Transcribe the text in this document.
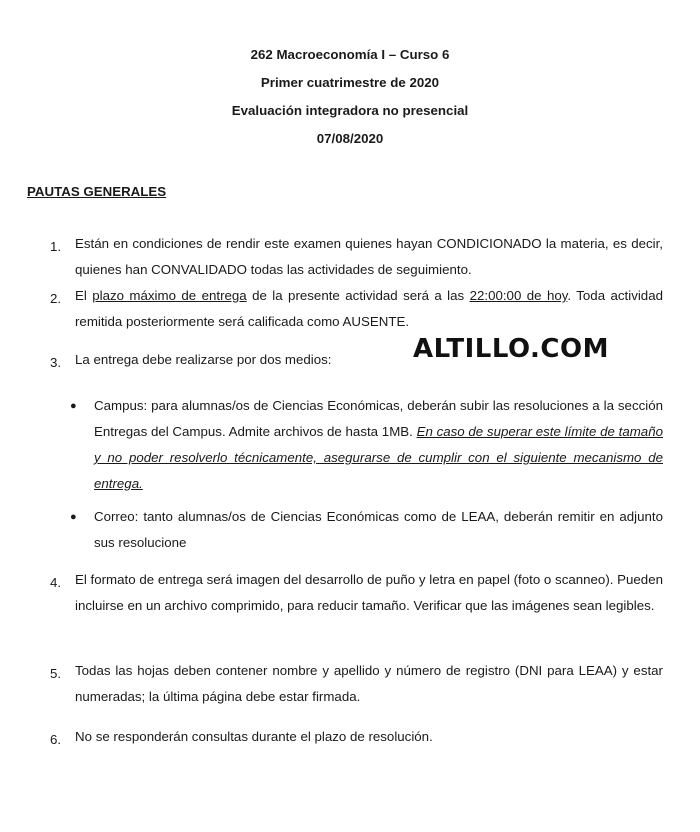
262 Macroeconomía I – Curso 6
Primer cuatrimestre de 2020
Evaluación integradora no presencial
07/08/2020
PAUTAS GENERALES
1.	Están en condiciones de rendir este examen quienes hayan CONDICIONADO la materia, es decir, quienes han CONVALIDADO todas las actividades de seguimiento.
2.	El plazo máximo de entrega de la presente actividad será a las 22:00:00 de hoy. Toda actividad remitida posteriormente será calificada como AUSENTE.
3.	La entrega debe realizarse por dos medios:	ALTILLO.COM
● Campus: para alumnas/os de Ciencias Económicas, deberán subir las resoluciones a la sección Entregas del Campus. Admite archivos de hasta 1MB. En caso de superar este límite de tamaño y no poder resolverlo técnicamente, asegurarse de cumplir con el siguiente mecanismo de entrega.
● Correo: tanto alumnas/os de Ciencias Económicas como de LEAA, deberán remitir en adjunto sus resolucione
4.	El formato de entrega será imagen del desarrollo de puño y letra en papel (foto o scanneo). Pueden incluirse en un archivo comprimido, para reducir tamaño. Verificar que las imágenes sean legibles.
5.	Todas las hojas deben contener nombre y apellido y número de registro (DNI para LEAA) y estar numeradas; la última página debe estar firmada.
6.	No se responderán consultas durante el plazo de resolución.
